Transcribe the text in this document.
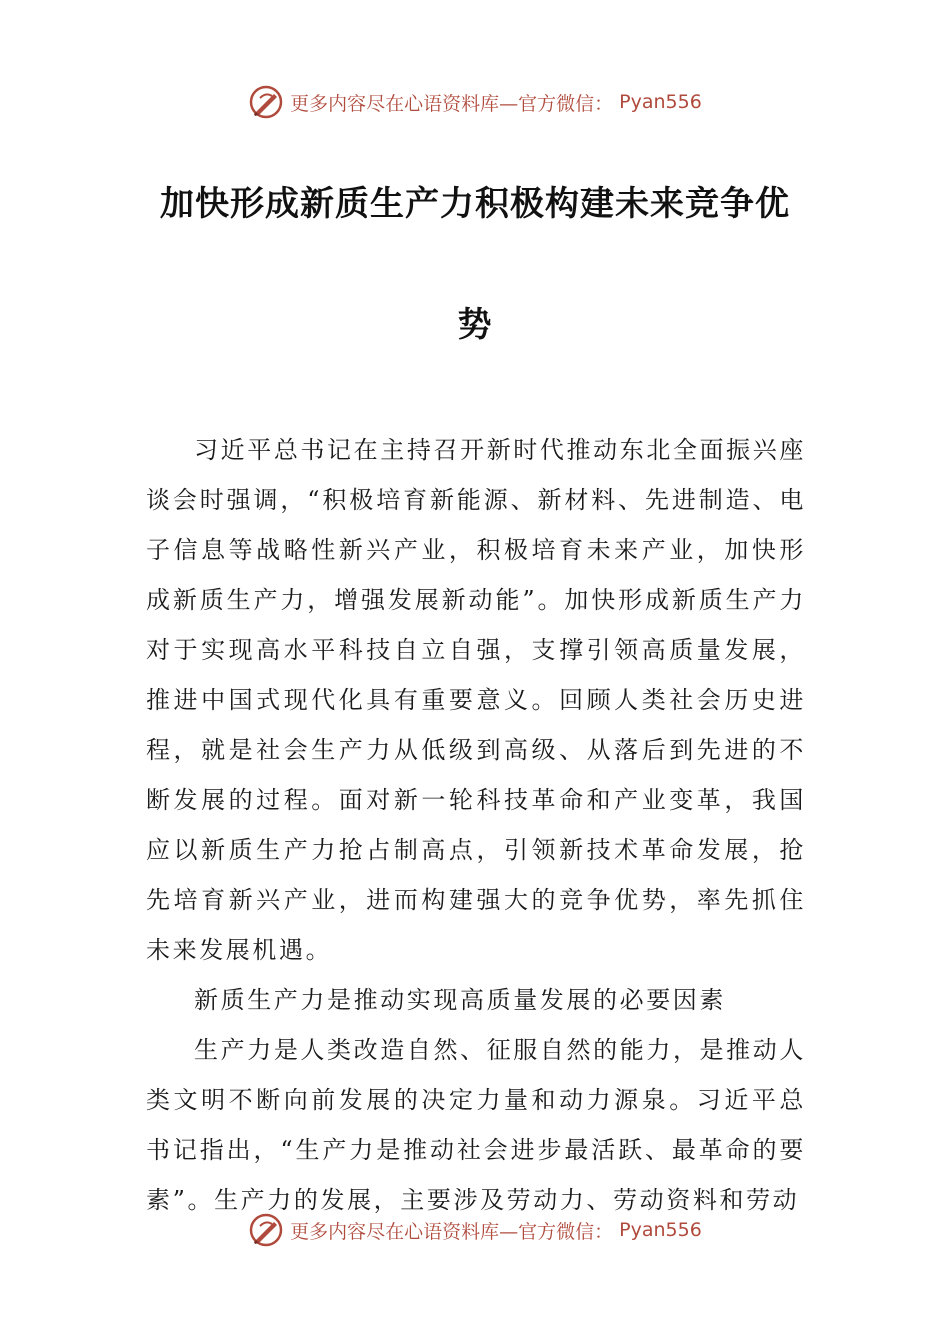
更多内容尽在心语资料库—官方微信： Pyan556
加快形成新质生产力积极构建未来竞争优
势

习近平总书记在主持召开新时代推动东北全面振兴座谈会时强调，“积极培育新能源、新材料、先进制造、电子信息等战略性新兴产业，积极培育未来产业，加快形成新质生产力，增强发展新动能”。加快形成新质生产力对于实现高水平科技自立自强，支撑引领高质量发展，推进中国式现代化具有重要意义。回顾人类社会历史进程，就是社会生产力从低级到高级、从落后到先进的不断发展的过程。面对新一轮科技革命和产业变革，我国应以新质生产力抢占制高点，引领新技术革命发展，抢先培育新兴产业，进而构建强大的竞争优势，率先抓住未来发展机遇。

新质生产力是推动实现高质量发展的必要因素

生产力是人类改造自然、征服自然的能力，是推动人类文明不断向前发展的决定力量和动力源泉。习近平总书记指出，“生产力是推动社会进步最活跃、最革命的要素”。生产力的发展，主要涉及劳动力、劳动资料和劳动

更多内容尽在心语资料库—官方微信： Pyan556
